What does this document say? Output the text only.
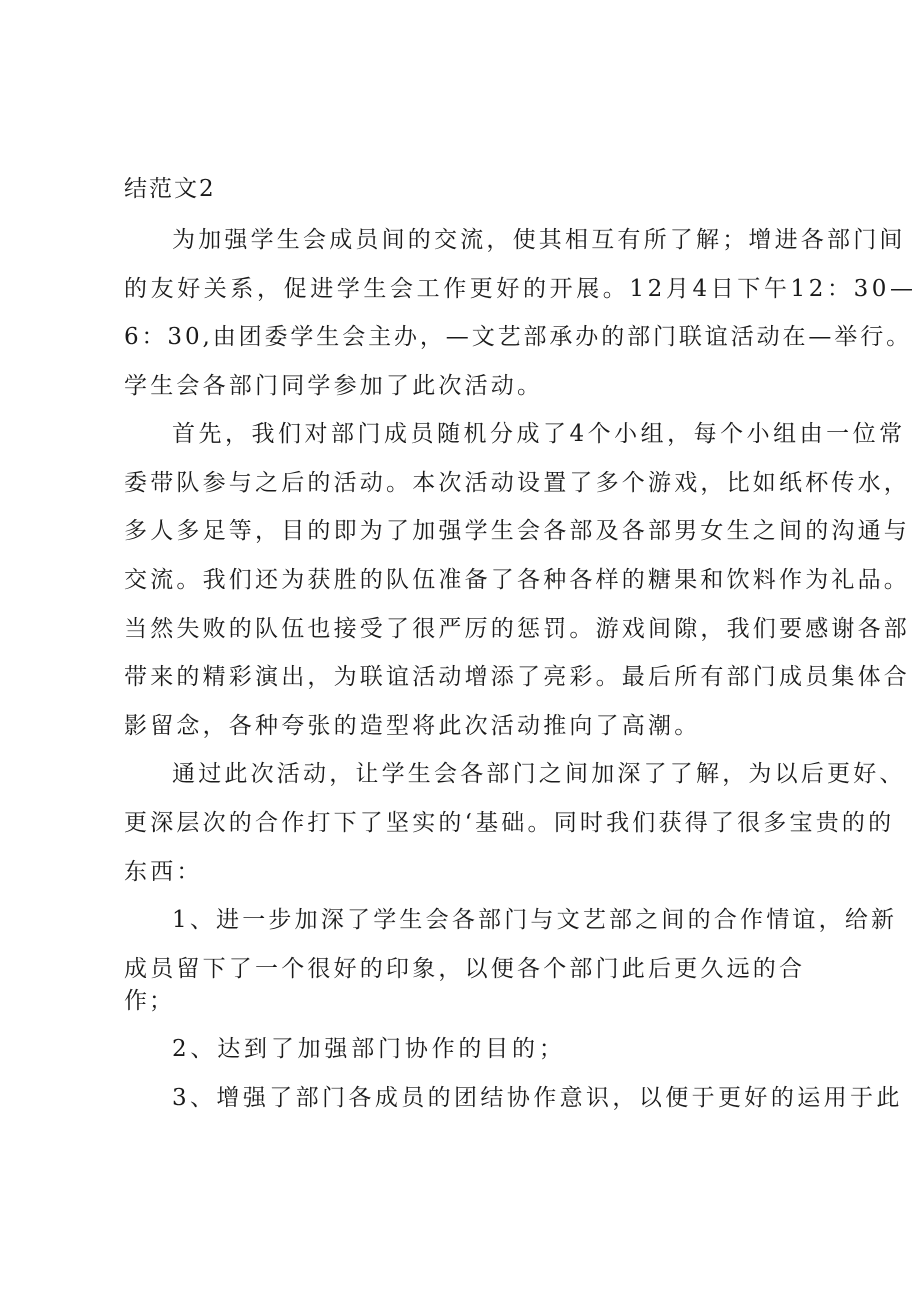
结范文2

为加强学生会成员间的交流，使其相互有所了解；增进各部门间

的友好关系，促进学生会工作更好的开展。12月4日下午12：30—

6：30,由团委学生会主办，—文艺部承办的部门联谊活动在—举行。

学生会各部门同学参加了此次活动。

首先，我们对部门成员随机分成了4个小组，每个小组由一位常

委带队参与之后的活动。本次活动设置了多个游戏，比如纸杯传水，

多人多足等，目的即为了加强学生会各部及各部男女生之间的沟通与

交流。我们还为获胜的队伍准备了各种各样的糖果和饮料作为礼品。

当然失败的队伍也接受了很严厉的惩罚。游戏间隙，我们要感谢各部

带来的精彩演出，为联谊活动增添了亮彩。最后所有部门成员集体合

影留念，各种夸张的造型将此次活动推向了高潮。

通过此次活动，让学生会各部门之间加深了了解，为以后更好、

更深层次的合作打下了坚实的‘基础。同时我们获得了很多宝贵的的

东西：

1、进一步加深了学生会各部门与文艺部之间的合作情谊，给新

成员留下了一个很好的印象，以便各个部门此后更久远的合

作；

2、达到了加强部门协作的目的；

3、增强了部门各成员的团结协作意识，以便于更好的运用于此
